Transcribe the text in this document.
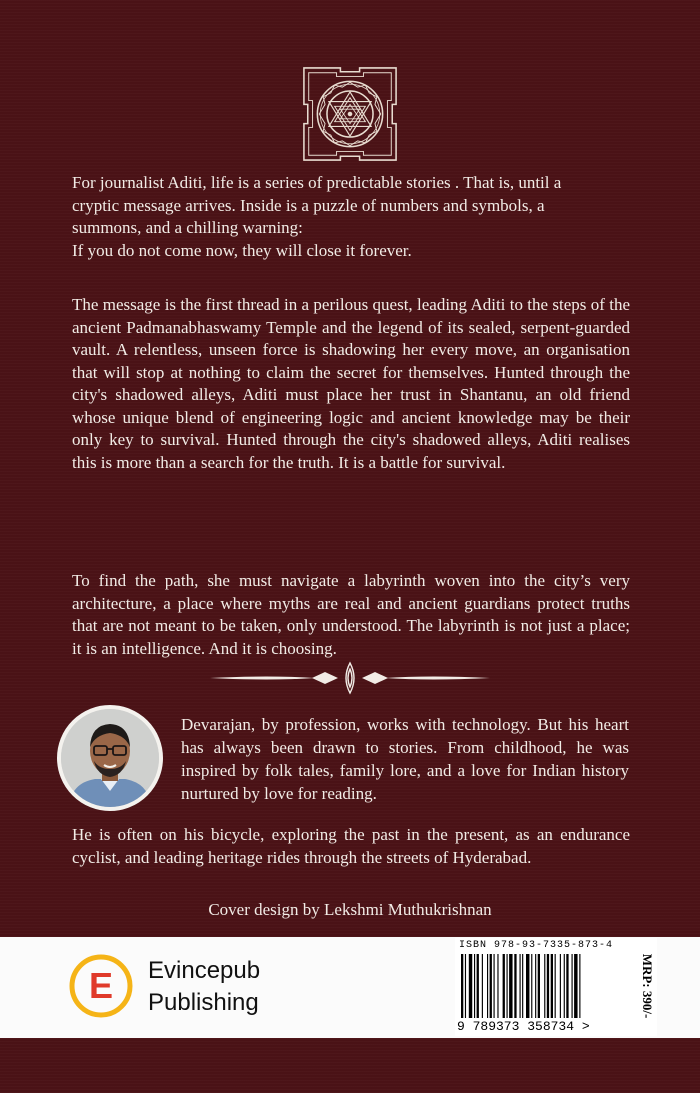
For journalist Aditi, life is a series of predictable stories . That is, until a
cryptic message arrives. Inside is a puzzle of numbers and symbols, a
summons, and a chilling warning:
If you do not come now, they will close it forever.

The message is the first thread in a perilous quest, leading Aditi to the steps of the ancient Padmanabhaswamy Temple and the legend of its sealed, serpent-guarded vault. A relentless, unseen force is shadowing her every move, an organisation that will stop at nothing to claim the secret for themselves. Hunted through the city's shadowed alleys, Aditi must place her trust in Shantanu, an old friend whose unique blend of engineering logic and ancient knowledge may be their only key to survival. Hunted through the city's shadowed alleys, Aditi realises this is more than a search for the truth. It is a battle for survival.

To find the path, she must navigate a labyrinth woven into the city’s very architecture, a place where myths are real and ancient guardians protect truths that are not meant to be taken, only understood. The labyrinth is not just a place; it is an intelligence. And it is choosing.

Devarajan, by profession, works with technology. But his heart has always been drawn to stories. From childhood, he was inspired by folk tales, family lore, and a love for Indian history nurtured by love for reading.

He is often on his bicycle, exploring the past in the present, as an endurance cyclist, and leading heritage rides through the streets of Hyderabad.

Cover design by Lekshmi Muthukrishnan

E Evincepub
Publishing
ISBN 978-93-7335-873-4
9 789373 358734 >
MRP: 390/-
